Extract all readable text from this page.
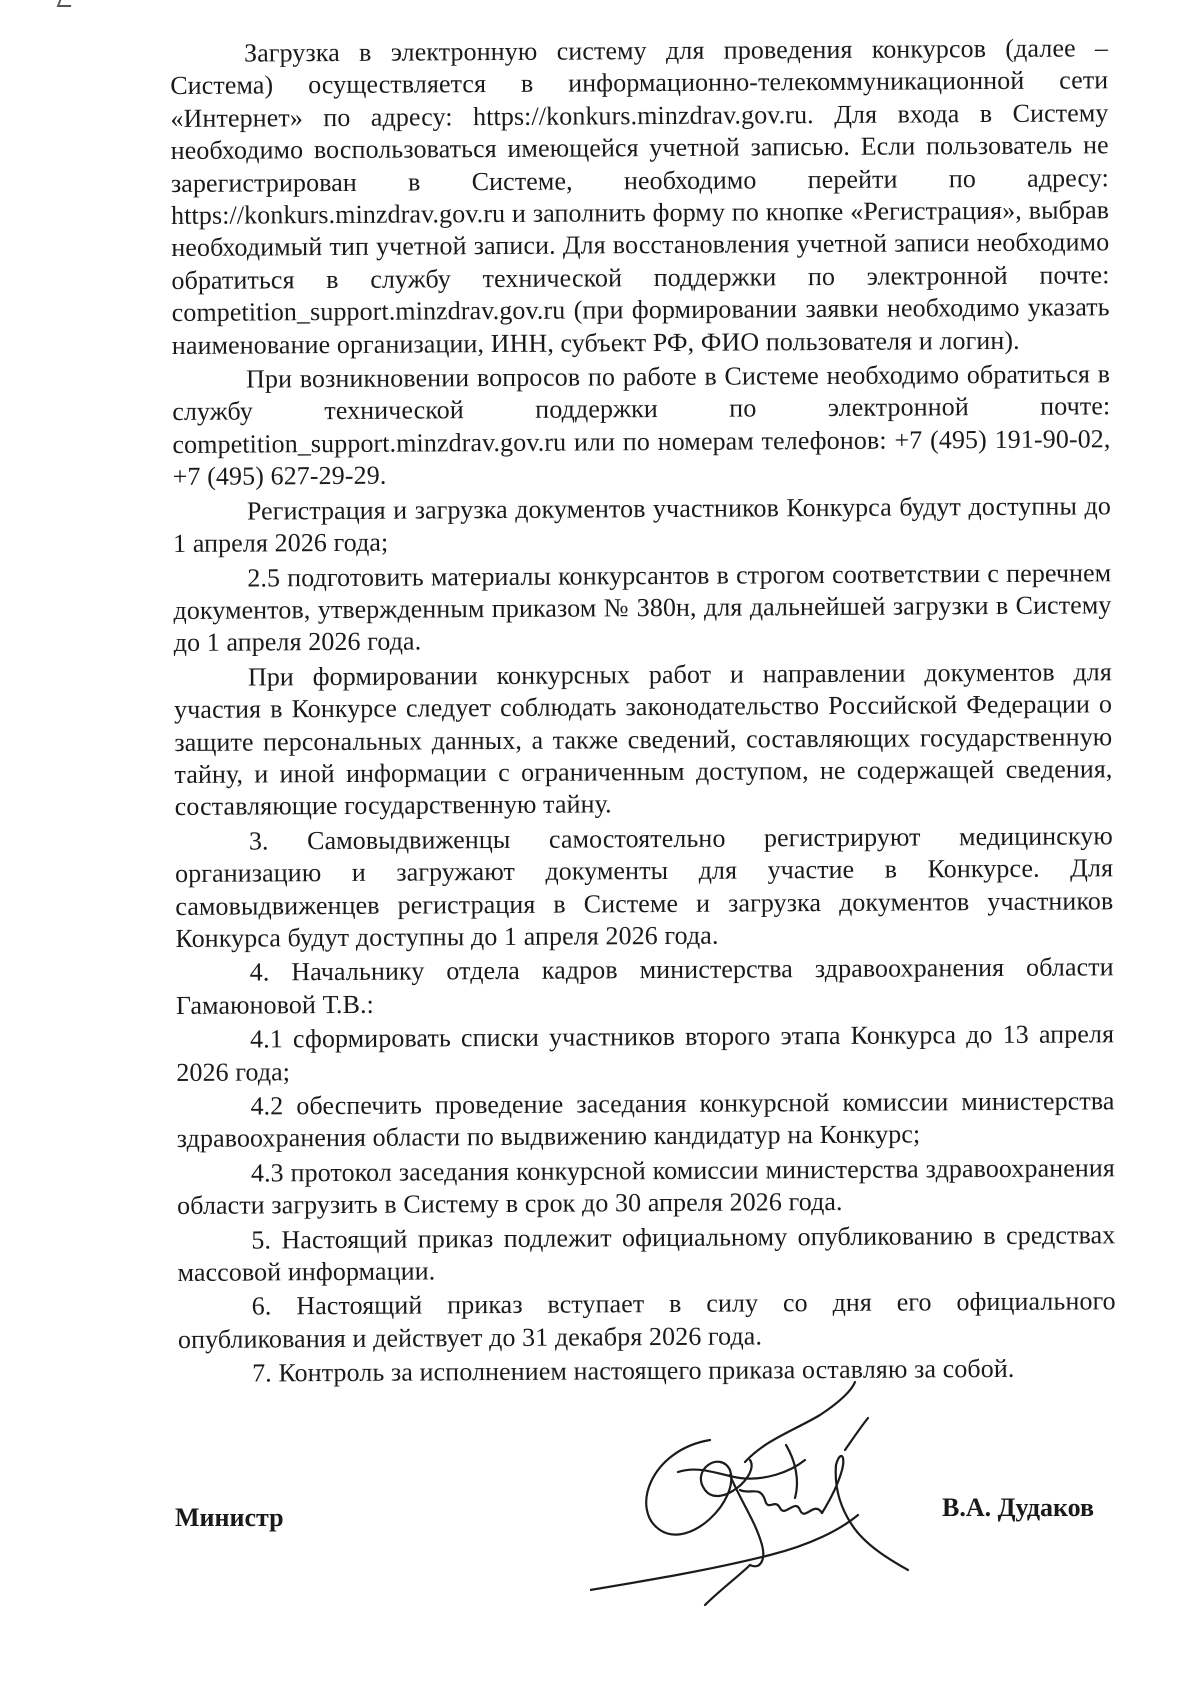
Загрузка в электронную систему для проведения конкурсов (далее – Система) осуществляется в информационно-телекоммуникационной сети «Интернет» по адресу: https://konkurs.minzdrav.gov.ru. Для входа в Систему необходимо воспользоваться имеющейся учетной записью. Если пользователь не зарегистрирован в Системе, необходимо перейти по адресу: https://konkurs.minzdrav.gov.ru и заполнить форму по кнопке «Регистрация», выбрав необходимый тип учетной записи. Для восстановления учетной записи необходимо обратиться в службу технической поддержки по электронной почте: competition_support.minzdrav.gov.ru (при формировании заявки необходимо указать наименование организации, ИНН, субъект РФ, ФИО пользователя и логин).

При возникновении вопросов по работе в Системе необходимо обратиться в службу технической поддержки по электронной почте: competition_support.minzdrav.gov.ru или по номерам телефонов: +7 (495) 191-90-02, +7 (495) 627-29-29.

Регистрация и загрузка документов участников Конкурса будут доступны до 1 апреля 2026 года;

2.5 подготовить материалы конкурсантов в строгом соответствии с перечнем документов, утвержденным приказом № 380н, для дальнейшей загрузки в Систему до 1 апреля 2026 года.

При формировании конкурсных работ и направлении документов для участия в Конкурсе следует соблюдать законодательство Российской Федерации о защите персональных данных, а также сведений, составляющих государственную тайну, и иной информации с ограниченным доступом, не содержащей сведения, составляющие государственную тайну.

3. Самовыдвиженцы самостоятельно регистрируют медицинскую организацию и загружают документы для участие в Конкурсе. Для самовыдвиженцев регистрация в Системе и загрузка документов участников Конкурса будут доступны до 1 апреля 2026 года.

4. Начальнику отдела кадров министерства здравоохранения области Гамаюновой Т.В.:

4.1 сформировать списки участников второго этапа Конкурса до 13 апреля 2026 года;

4.2 обеспечить проведение заседания конкурсной комиссии министерства здравоохранения области по выдвижению кандидатур на Конкурс;

4.3 протокол заседания конкурсной комиссии министерства здравоохранения области загрузить в Систему в срок до 30 апреля 2026 года.

5. Настоящий приказ подлежит официальному опубликованию в средствах массовой информации.

6. Настоящий приказ вступает в силу со дня его официального опубликования и действует до 31 декабря 2026 года.

7. Контроль за исполнением настоящего приказа оставляю за собой.

Министр	В.А. Дудаков
